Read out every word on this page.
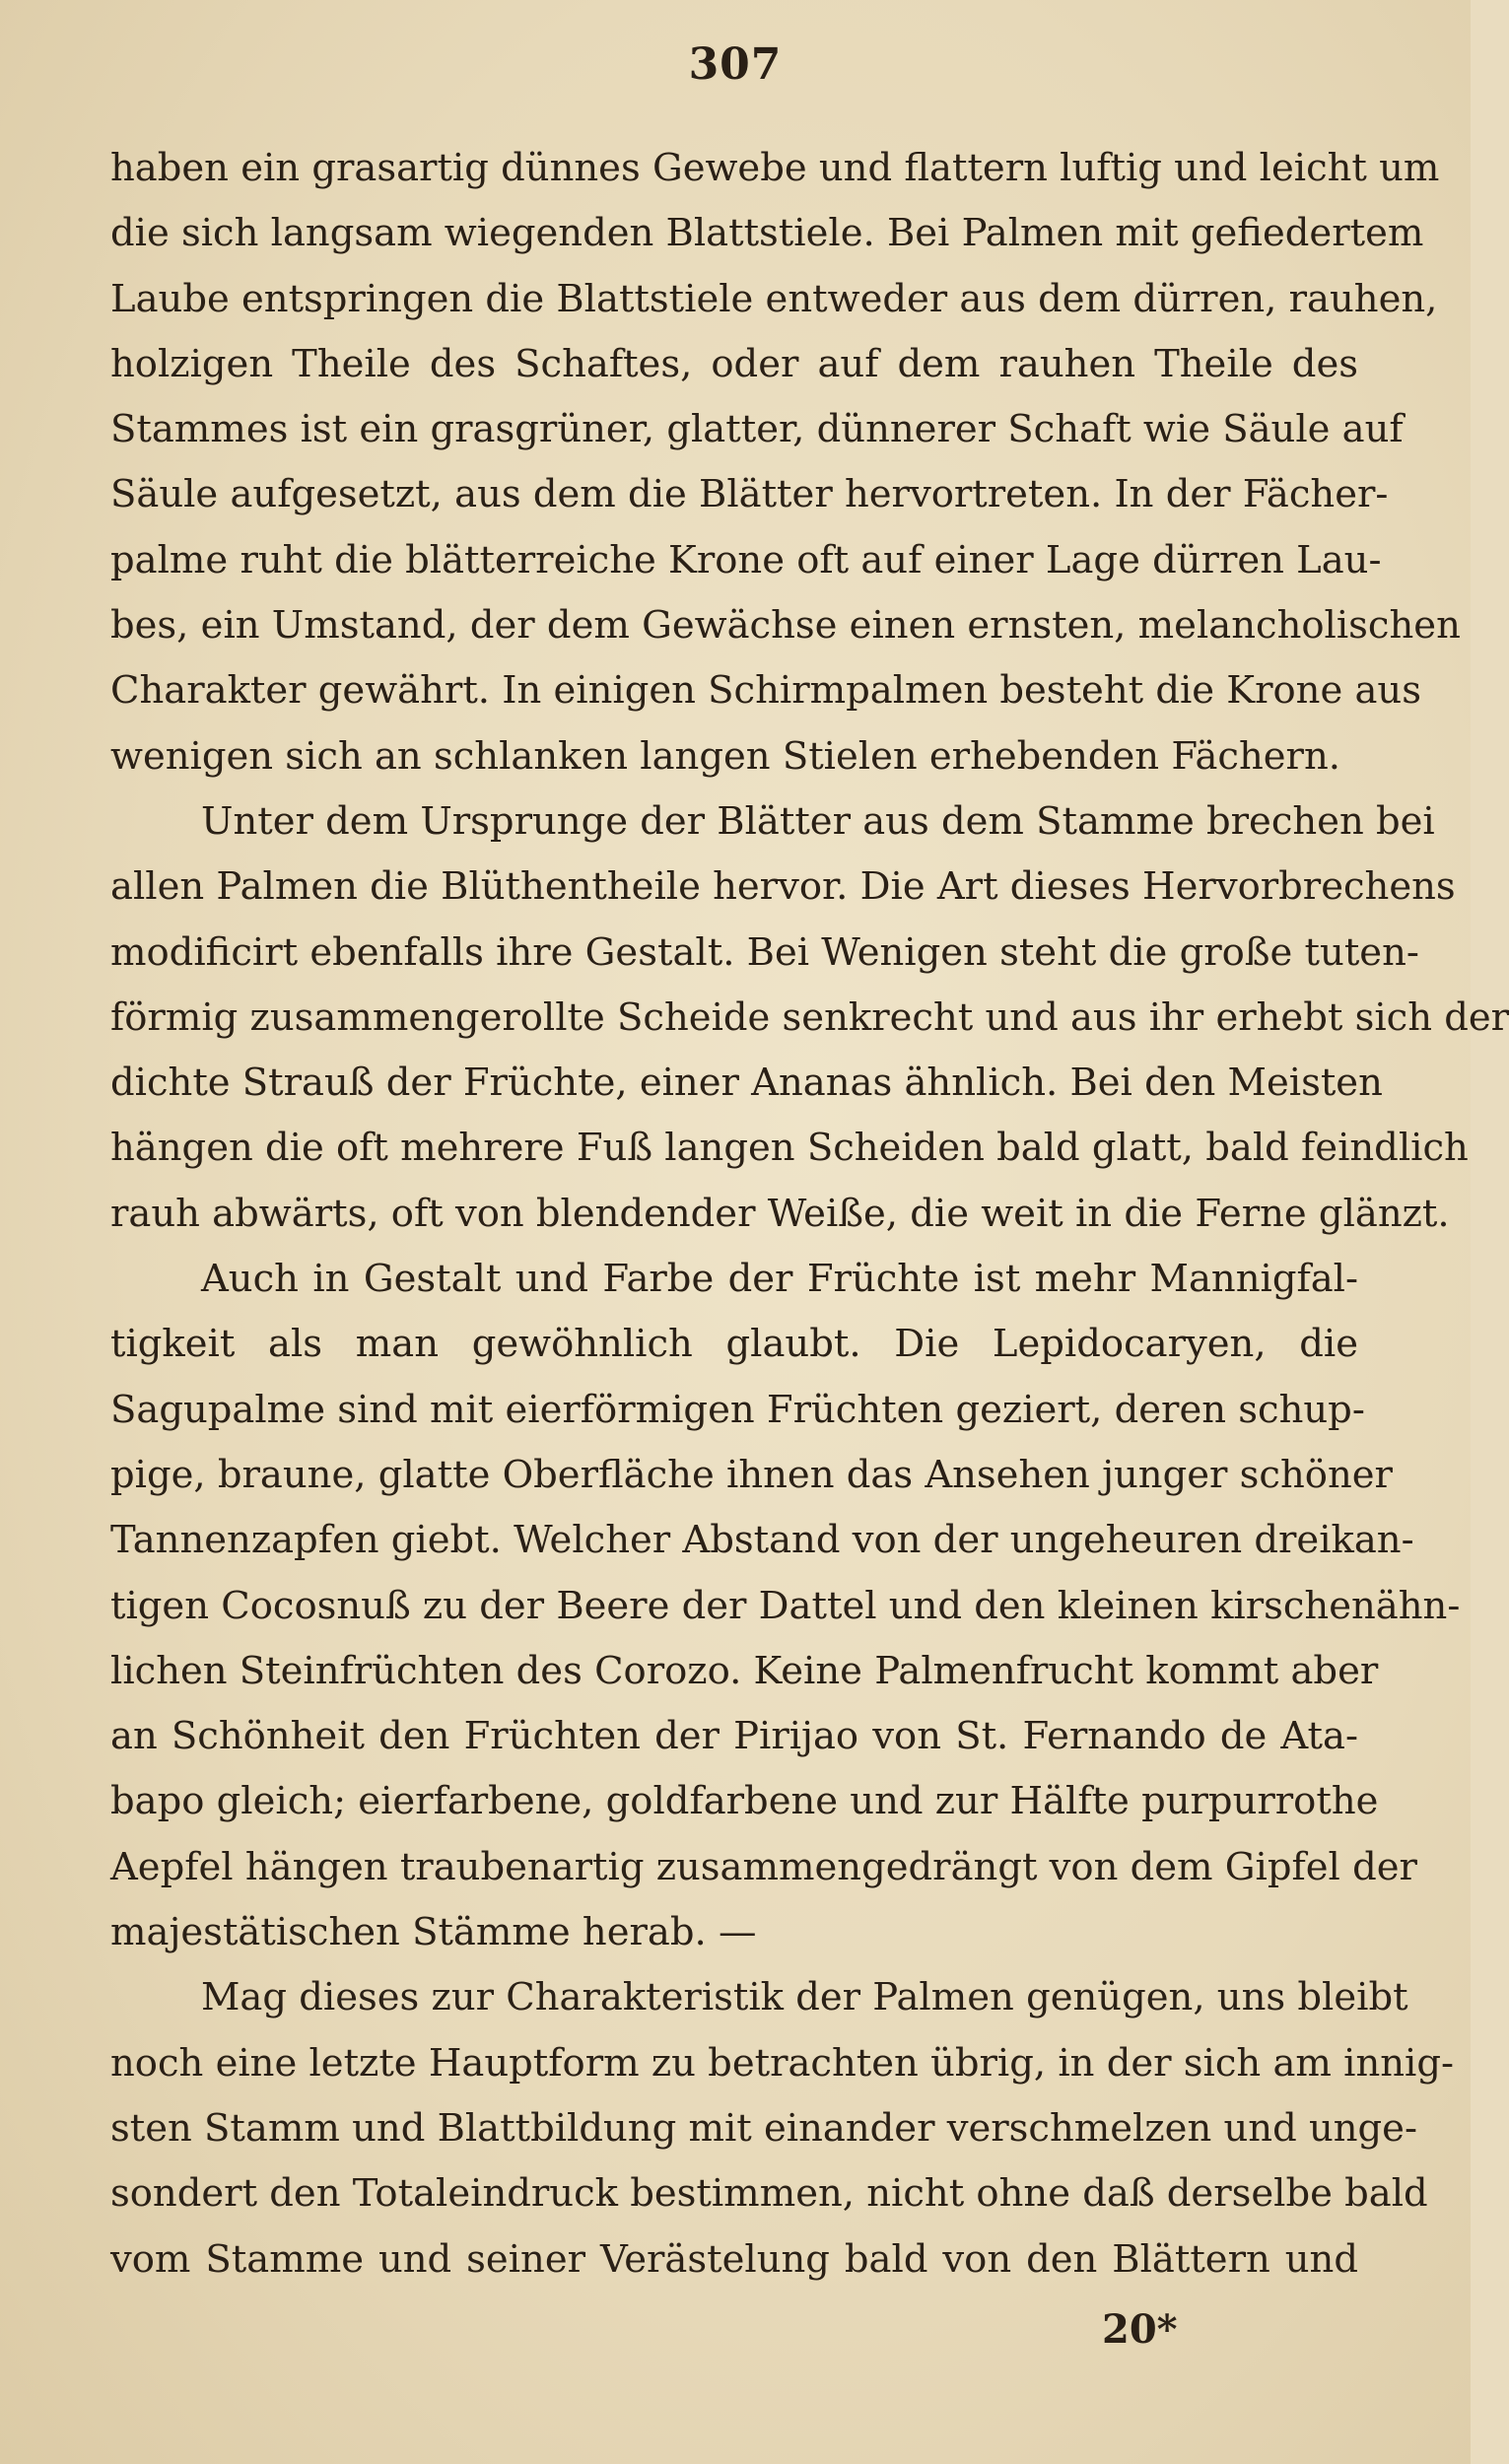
307
haben ein grasartig dünnes Gewebe und flattern luftig und leicht um
die sich langsam wiegenden Blattstiele. Bei Palmen mit gefiedertem
Laube entspringen die Blattstiele entweder aus dem dürren, rauhen,
holzigen Theile des Schaftes, oder auf dem rauhen Theile des
Stammes ist ein grasgrüner, glatter, dünnerer Schaft wie Säule auf
Säule aufgesetzt, aus dem die Blätter hervortreten. In der Fächer-
palme ruht die blätterreiche Krone oft auf einer Lage dürren Lau-
bes, ein Umstand, der dem Gewächse einen ernsten, melancholischen
Charakter gewährt. In einigen Schirmpalmen besteht die Krone aus
wenigen sich an schlanken langen Stielen erhebenden Fächern.
Unter dem Ursprunge der Blätter aus dem Stamme brechen bei
allen Palmen die Blüthentheile hervor. Die Art dieses Hervorbrechens
modificirt ebenfalls ihre Gestalt. Bei Wenigen steht die große tuten-
förmig zusammengerollte Scheide senkrecht und aus ihr erhebt sich der
dichte Strauß der Früchte, einer Ananas ähnlich. Bei den Meisten
hängen die oft mehrere Fuß langen Scheiden bald glatt, bald feindlich
rauh abwärts, oft von blendender Weiße, die weit in die Ferne glänzt.
Auch in Gestalt und Farbe der Früchte ist mehr Mannigfal-
tigkeit als man gewöhnlich glaubt. Die Lepidocaryen, die
Sagupalme sind mit eierförmigen Früchten geziert, deren schup-
pige, braune, glatte Oberfläche ihnen das Ansehen junger schöner
Tannenzapfen giebt. Welcher Abstand von der ungeheuren dreikan-
tigen Cocosnuß zu der Beere der Dattel und den kleinen kirschenähn-
lichen Steinfrüchten des Corozo. Keine Palmenfrucht kommt aber
an Schönheit den Früchten der Pirijao von St. Fernando de Ata-
bapo gleich; eierfarbene, goldfarbene und zur Hälfte purpurrothe
Aepfel hängen traubenartig zusammengedrängt von dem Gipfel der
majestätischen Stämme herab. —
Mag dieses zur Charakteristik der Palmen genügen, uns bleibt
noch eine letzte Hauptform zu betrachten übrig, in der sich am innig-
sten Stamm und Blattbildung mit einander verschmelzen und unge-
sondert den Totaleindruck bestimmen, nicht ohne daß derselbe bald
vom Stamme und seiner Verästelung bald von den Blättern und
20*
